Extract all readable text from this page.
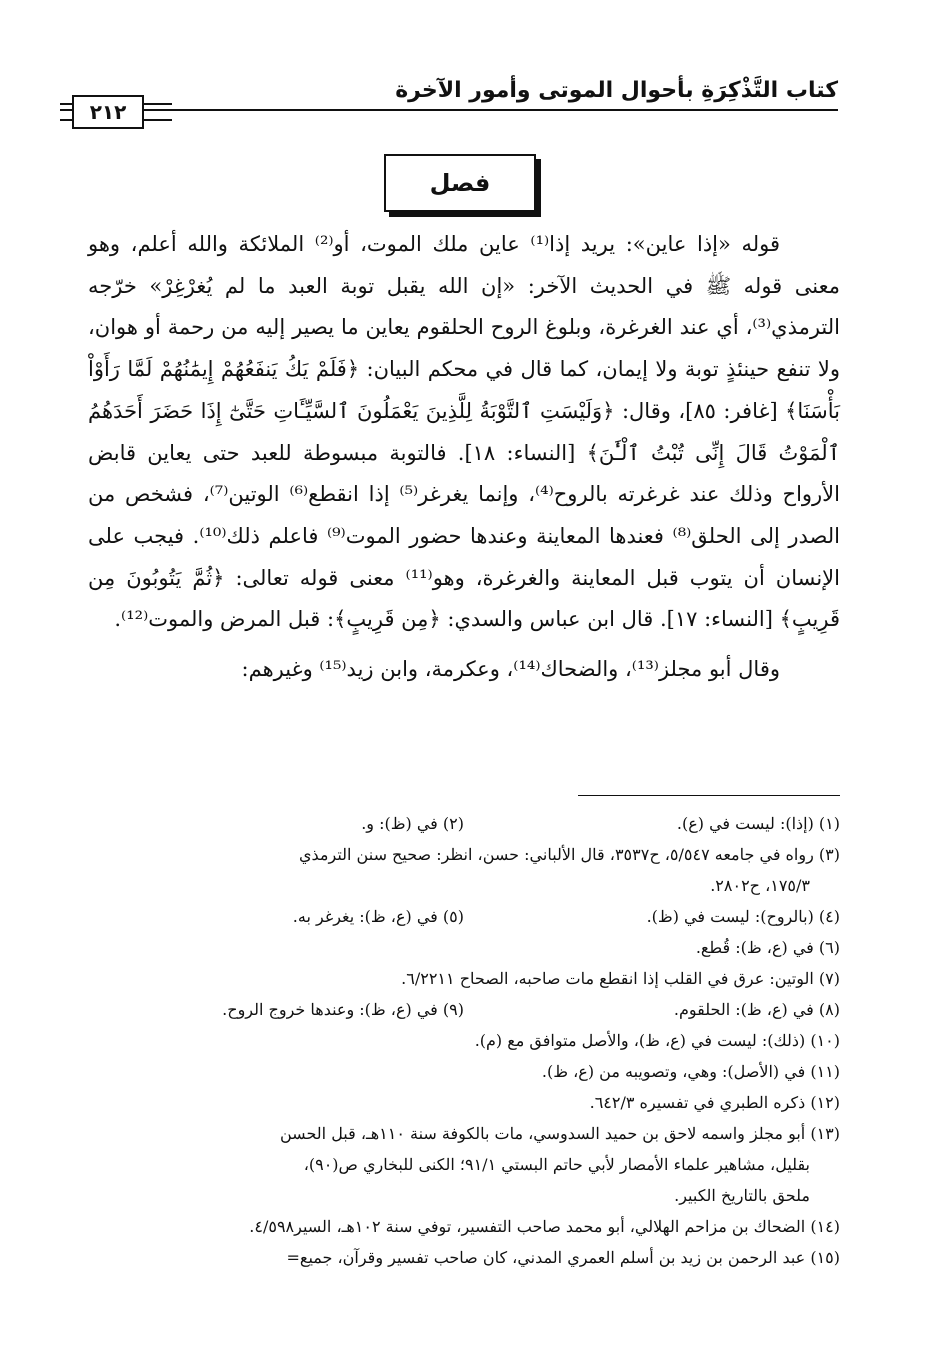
كتاب التَّذْكِرَةِ بأحوال الموتى وأمور الآخرة
٢١٢
فصل

قوله «إذا عاين»: يريد إذا⁽¹⁾ عاين ملك الموت، أو⁽²⁾ الملائكة والله أعلم، وهو معنى قوله ﷺ في الحديث الآخر: «إن الله يقبل توبة العبد ما لم يُغرْغِرْ» خرّجه الترمذي⁽³⁾، أي عند الغرغرة، وبلوغ الروح الحلقوم يعاين ما يصير إليه من رحمة أو هوان، ولا تنفع حينئذٍ توبة ولا إيمان، كما قال في محكم البيان: ﴿فَلَمْ يَكُ يَنفَعُهُمْ إِيمَٰنُهُمْ لَمَّا رَأَوْاْ بَأْسَنَا﴾ [غافر: ٨٥]، وقال: ﴿وَلَيْسَتِ ٱلتَّوْبَةُ لِلَّذِينَ يَعْمَلُونَ ٱلسَّيِّـَٔاتِ حَتَّىٰٓ إِذَا حَضَرَ أَحَدَهُمُ ٱلْمَوْتُ قَالَ إِنِّى تُبْتُ ٱلْـَٰٔنَ﴾ [النساء: ١٨]. فالتوبة مبسوطة للعبد حتى يعاين قابض الأرواح وذلك عند غرغرته بالروح⁽⁴⁾، وإنما يغرغر⁽⁵⁾ إذا انقطع⁽⁶⁾ الوتين⁽⁷⁾، فشخص من الصدر إلى الحلق⁽⁸⁾ فعندها المعاينة وعندها حضور الموت⁽⁹⁾ فاعلم ذلك⁽¹⁰⁾. فيجب على الإنسان أن يتوب قبل المعاينة والغرغرة، وهو⁽¹¹⁾ معنى قوله تعالى: ﴿ثُمَّ يَتُوبُونَ مِن قَرِيبٍ﴾ [النساء: ١٧]. قال ابن عباس والسدي: ﴿مِن قَرِيبٍ﴾: قبل المرض والموت⁽¹²⁾.

وقال أبو مجلز⁽¹³⁾، والضحاك⁽¹⁴⁾، وعكرمة، وابن زيد⁽¹⁵⁾ وغيرهم:

(١) (إذا): ليست في (ع).
(٢) في (ظ): و.
(٣) رواه في جامعه ٥/٥٤٧، ح٣٥٣٧، قال الألباني: حسن، انظر: صحيح سنن الترمذي
١٧٥/٣، ح٢٨٠٢.
(٤) (بالروح): ليست في (ظ).
(٥) في (ع، ظ): يغرغر به.
(٦) في (ع، ظ): قُطع.
(٧) الوتين: عرق في القلب إذا انقطع مات صاحبه، الصحاح ٦/٢٢١١.
(٨) في (ع، ظ): الحلقوم.
(٩) في (ع، ظ): وعندها خروج الروح.
(١٠) (ذلك): ليست في (ع، ظ)، والأصل متوافق مع (م).
(١١) في (الأصل): وهي، وتصويبه من (ع، ظ).
(١٢) ذكره الطبري في تفسيره ٦٤٢/٣.
(١٣) أبو مجلز واسمه لاحق بن حميد السدوسي، مات بالكوفة سنة ١١٠هـ، قبل الحسن
بقليل، مشاهير علماء الأمصار لأبي حاتم البستي ٩١/١؛ الكنى للبخاري ص(٩٠)،
ملحق بالتاريخ الكبير.
(١٤) الضحاك بن مزاحم الهلالي، أبو محمد صاحب التفسير، توفي سنة ١٠٢هـ، السير٤/٥٩٨.
(١٥) عبد الرحمن بن زيد بن أسلم العمري المدني، كان صاحب تفسير وقرآن، جميع=
